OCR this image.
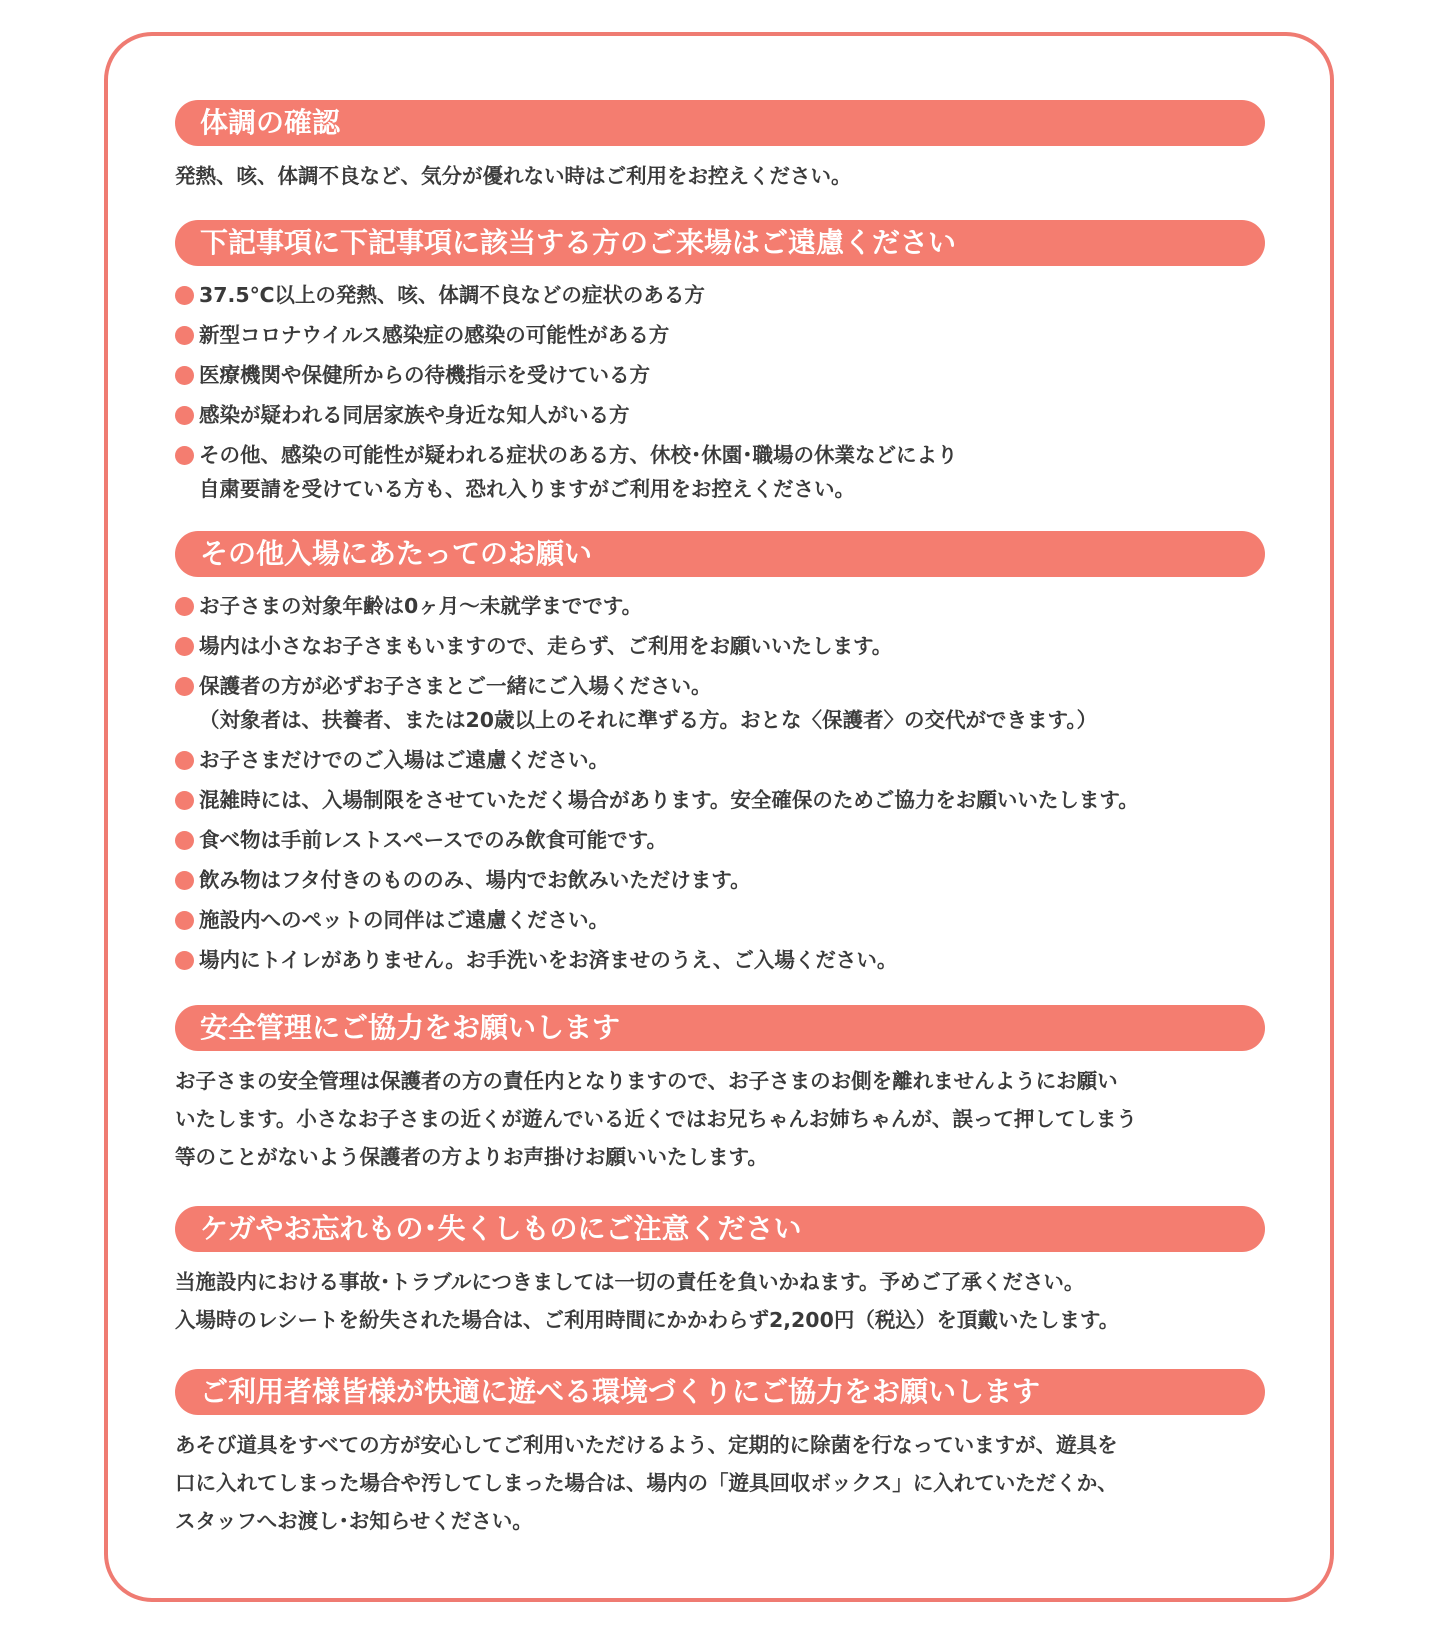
体調の確認

発熱、咳、体調不良など、気分が優れない時はご利用をお控えください。

下記事項に下記事項に該当する方のご来場はご遠慮ください
37.5℃以上の発熱、咳、体調不良などの症状のある方
新型コロナウイルス感染症の感染の可能性がある方
医療機関や保健所からの待機指示を受けている方
感染が疑われる同居家族や身近な知人がいる方
その他、感染の可能性が疑われる症状のある方、休校･休園･職場の休業などにより
自粛要請を受けている方も、恐れ入りますがご利用をお控えください。
その他入場にあたってのお願い
お子さまの対象年齢は0ヶ月〜未就学までです。
場内は小さなお子さまもいますので、走らず、ご利用をお願いいたします。
保護者の方が必ずお子さまとご一緒にご入場ください。
（対象者は、扶養者、または20歳以上のそれに準ずる方。おとな〈保護者〉の交代ができます。）
お子さまだけでのご入場はご遠慮ください。
混雑時には、入場制限をさせていただく場合があります。安全確保のためご協力をお願いいたします。
食べ物は手前レストスペースでのみ飲食可能です。
飲み物はフタ付きのもののみ、場内でお飲みいただけます。
施設内へのペットの同伴はご遠慮ください。
場内にトイレがありません。お手洗いをお済ませのうえ、ご入場ください。
安全管理にご協力をお願いします

お子さまの安全管理は保護者の方の責任内となりますので、お子さまのお側を離れませんようにお願い

いたします。小さなお子さまの近くが遊んでいる近くではお兄ちゃんお姉ちゃんが、誤って押してしまう

等のことがないよう保護者の方よりお声掛けお願いいたします。

ケガやお忘れもの･失くしものにご注意ください

当施設内における事故･トラブルにつきましては一切の責任を負いかねます。予めご了承ください。

入場時のレシートを紛失された場合は、ご利用時間にかかわらず2,200円（税込）を頂戴いたします。

ご利用者様皆様が快適に遊べる環境づくりにご協力をお願いします

あそび道具をすべての方が安心してご利用いただけるよう、定期的に除菌を行なっていますが、遊具を

口に入れてしまった場合や汚してしまった場合は、場内の「遊具回収ボックス」に入れていただくか、

スタッフへお渡し･お知らせください。
